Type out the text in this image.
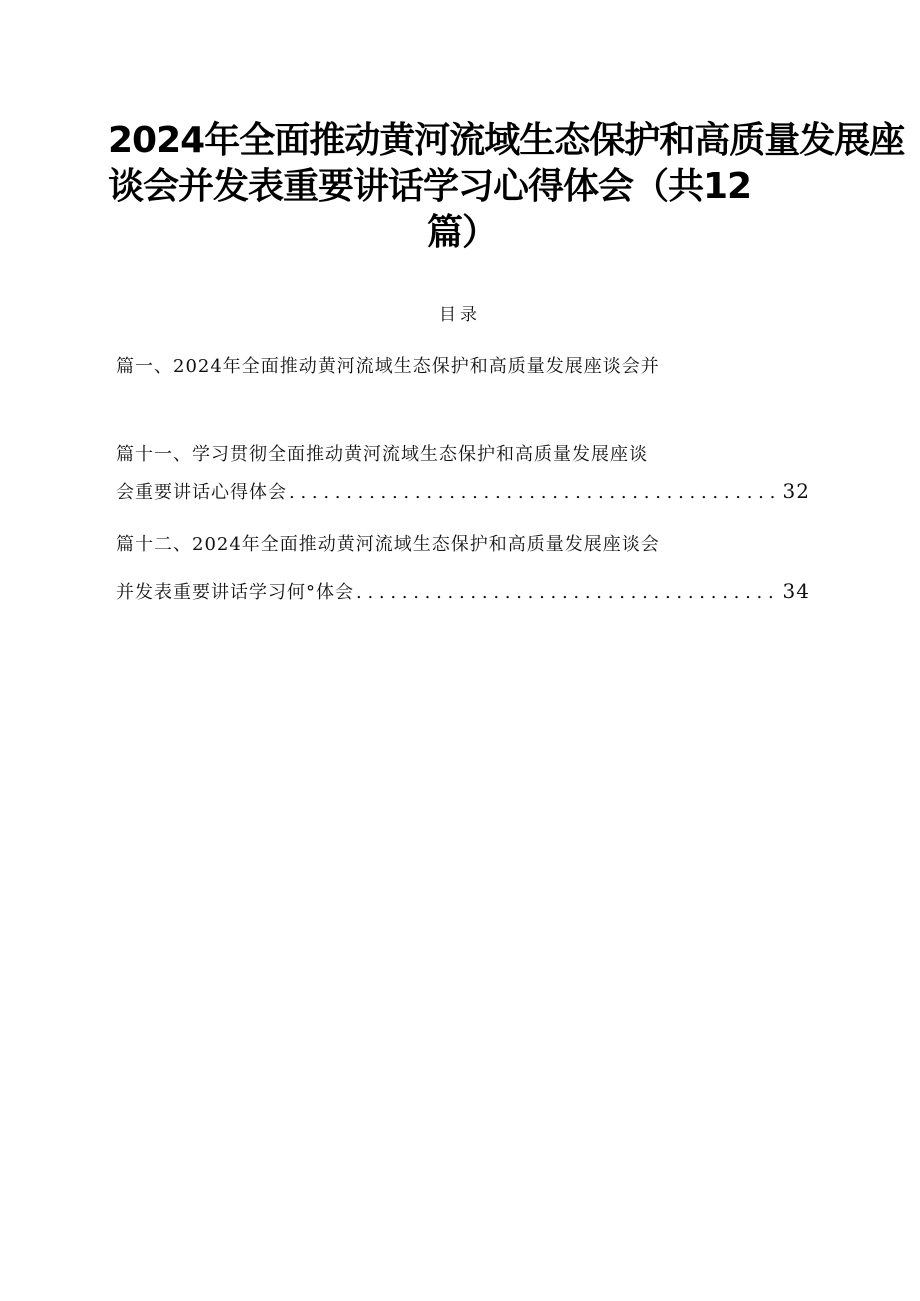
2024年全面推动黄河流域生态保护和高质量发展座
谈会并发表重要讲话学习心得体会（共12
篇）
目录
篇一、2024年全面推动黄河流域生态保护和高质量发展座谈会并
篇十一、学习贯彻全面推动黄河流域生态保护和高质量发展座谈
会重要讲话心得体会 . . .	32
篇十二、2024年全面推动黄河流域生态保护和高质量发展座谈会
并发表重要讲话学习何°体会 . . .	34
